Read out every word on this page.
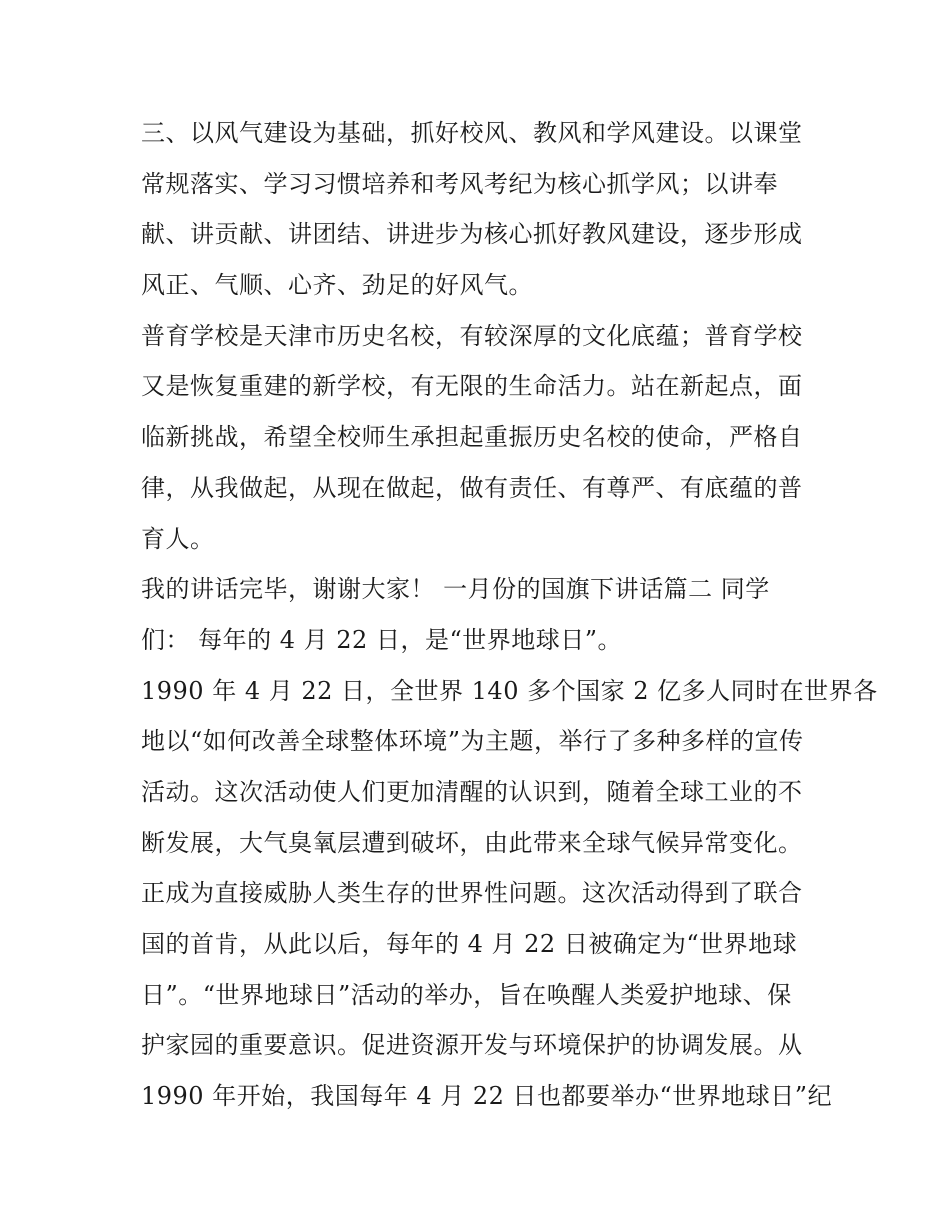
三、以风气建设为基础，抓好校风、教风和学风建设。以课堂
常规落实、学习习惯培养和考风考纪为核心抓学风；以讲奉
献、讲贡献、讲团结、讲进步为核心抓好教风建设，逐步形成
风正、气顺、心齐、劲足的好风气。
普育学校是天津市历史名校，有较深厚的文化底蕴；普育学校
又是恢复重建的新学校，有无限的生命活力。站在新起点，面
临新挑战，希望全校师生承担起重振历史名校的使命，严格自
律，从我做起，从现在做起，做有责任、有尊严、有底蕴的普
育人。
我的讲话完毕，谢谢大家！ 一月份的国旗下讲话篇二 同学
们： 每年的 4 月 22 日，是“世界地球日”。
1990 年 4 月 22 日，全世界 140 多个国家 2 亿多人同时在世界各
地以“如何改善全球整体环境”为主题，举行了多种多样的宣传
活动。这次活动使人们更加清醒的认识到，随着全球工业的不
断发展，大气臭氧层遭到破坏，由此带来全球气候异常变化。
正成为直接威胁人类生存的世界性问题。这次活动得到了联合
国的首肯，从此以后，每年的 4 月 22 日被确定为“世界地球
日”。“世界地球日”活动的举办，旨在唤醒人类爱护地球、保
护家园的重要意识。促进资源开发与环境保护的协调发展。从
1990 年开始，我国每年 4 月 22 日也都要举办“世界地球日”纪
